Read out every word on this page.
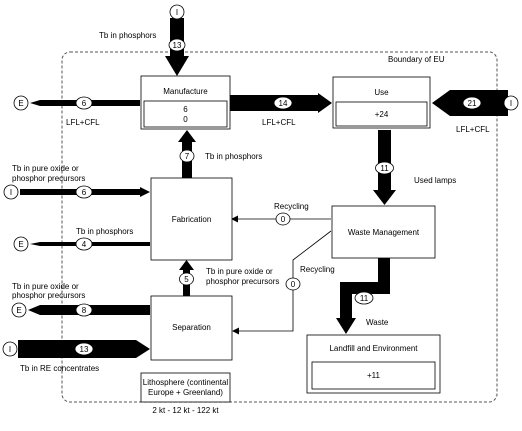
Boundary of EU
13
Tb in phosphors
6
LFL+CFL
14
LFL+CFL
21
LFL+CFL
7 Tb in phosphors
11
Used lamps
6
Tb in pure oxide or
phosphor precursors
4
Tb in phosphors
5
Tb in pure oxide or
phosphor precursors
8
Tb in pure oxide or
phosphor precursors
13
Tb in RE concentrates
11
Waste
0
Recycling
0
Recycling
Manufacture
6
0
Use
+24
Fabrication
Waste Management
Separation
Landfill and Environment
+11
Lithosphere (continental
Europe + Greenland)
2 kt - 12 kt - 122 kt
I
E	I
I
E
E
I
